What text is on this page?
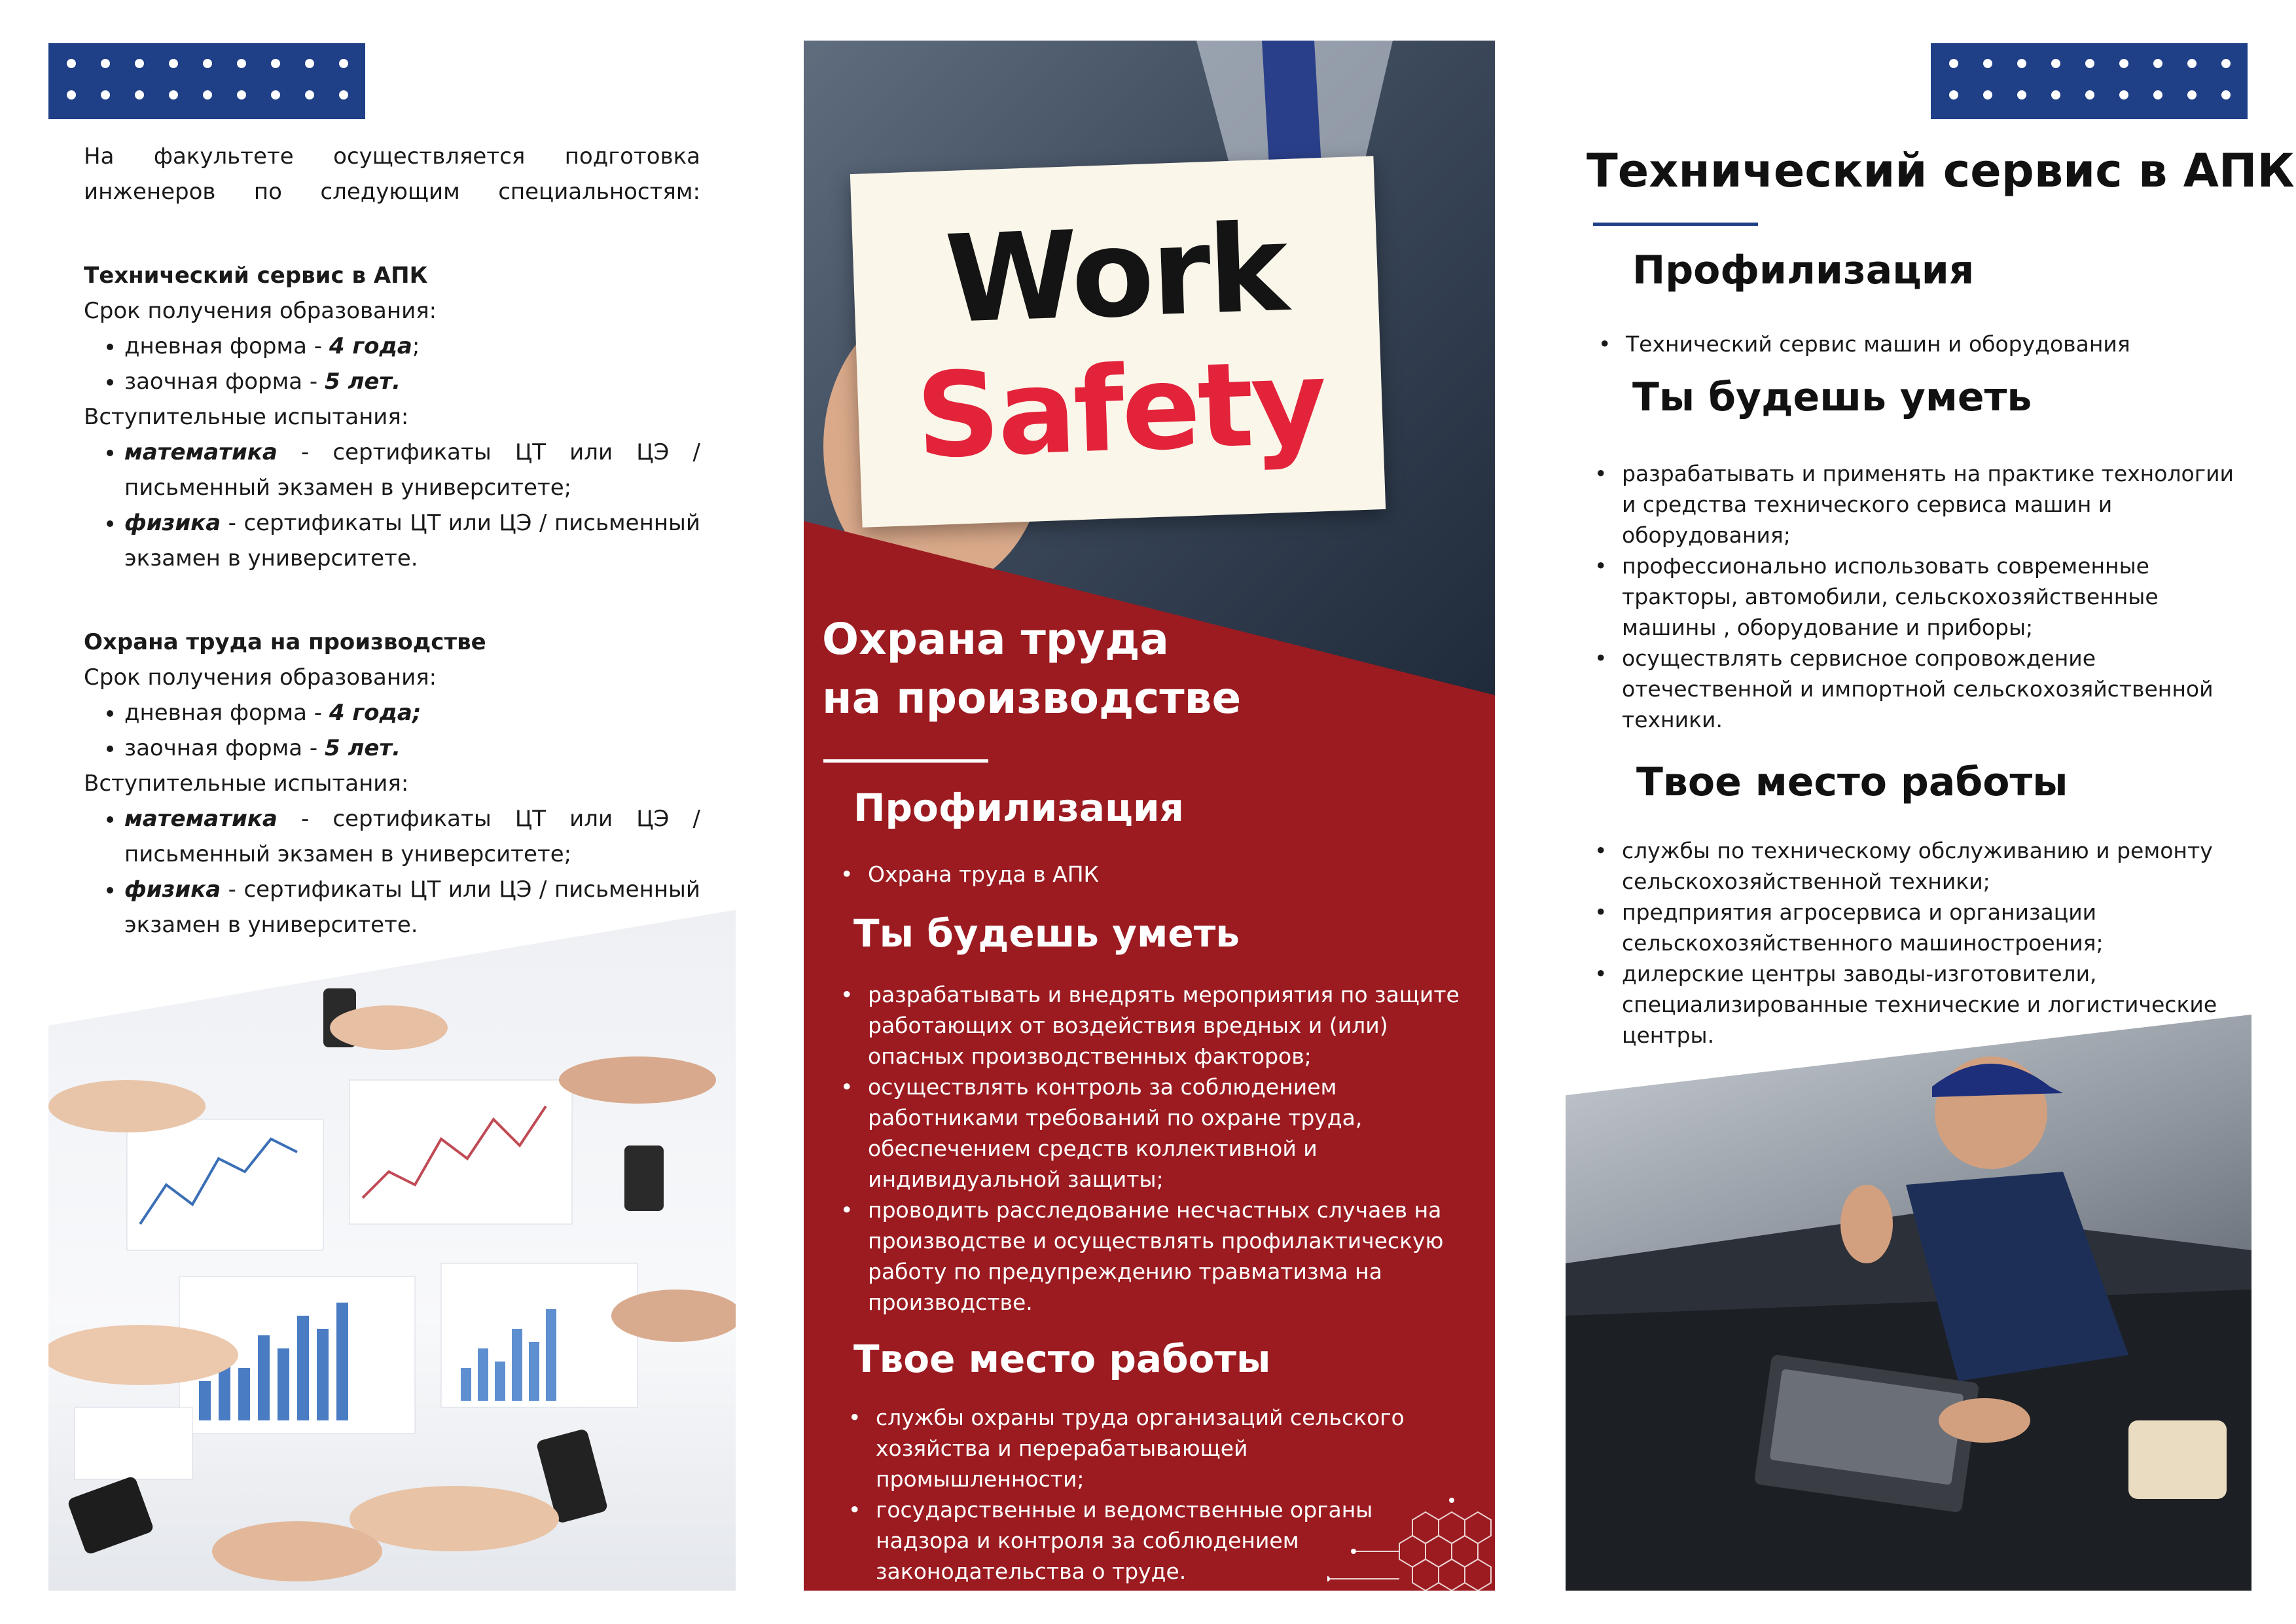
На факультете осуществляется подготовка инженеров по следующим специальностям:

Технический сервис в АПК

Срок получения образования:

• дневная форма - 4 года;
• заочная форма - 5 лет.

Вступительные испытания:

• математика - сертификаты ЦТ или ЦЭ / письменный экзамен в университете;
• физика - сертификаты ЦТ или ЦЭ / письменный экзамен в университете.

Охрана труда на производстве

Срок получения образования:

• дневная форма - 4 года;
• заочная форма - 5 лет.

Вступительные испытания:

• математика - сертификаты ЦТ или ЦЭ / письменный экзамен в университете;
• физика - сертификаты ЦТ или ЦЭ / письменный экзамен в университете.
Work
Safety
Охрана труда
на производстве
Профилизация
• Охрана труда в АПК
Ты будешь уметь
• разрабатывать и внедрять мероприятия по защите работающих от воздействия вредных и (или) опасных производственных факторов;
• осуществлять контроль за соблюдением работниками требований по охране труда, обеспечением средств коллективной и индивидуальной защиты;
• проводить расследование несчастных случаев на производстве и осуществлять профилактическую работу по предупреждению травматизма на производстве.
Твое место работы
• службы охраны труда организаций сельского хозяйства и перерабатывающей промышленности;
• государственные и ведомственные органы надзора и контроля за соблюдением законодательства о труде.
Технический сервис в АПК
Профилизация
• Технический сервис машин и оборудования
Ты будешь уметь
• разрабатывать и применять на практике технологии и средства технического сервиса машин и оборудования;
• профессионально использовать современные тракторы, автомобили, сельскохозяйственные машины , оборудование и приборы;
• осуществлять сервисное сопровождение отечественной и импортной сельскохозяйственной техники.
Твое место работы
• службы по техническому обслуживанию и ремонту сельскохозяйственной техники;
• предприятия агросервиса и организации сельскохозяйственного машиностроения;
• дилерские центры заводы-изготовители, специализированные технические и логистические центры.
